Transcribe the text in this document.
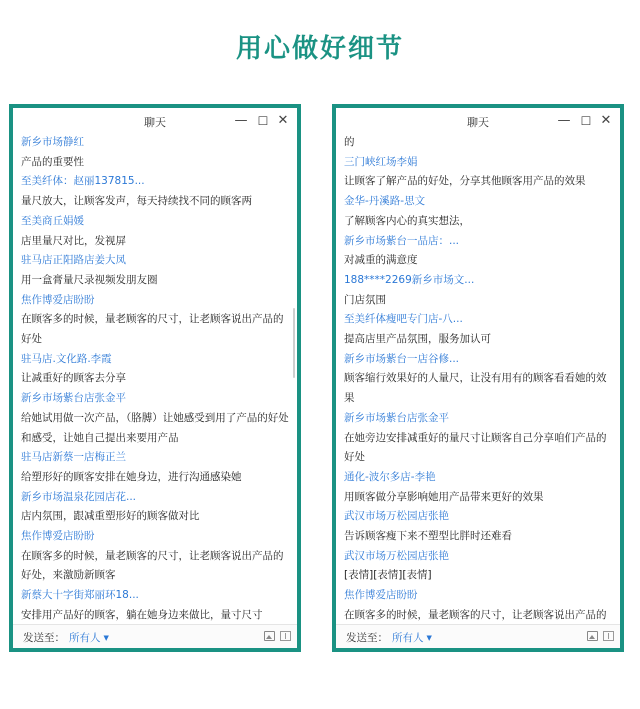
用心做好细节
聊天	— ☐ ✕
新乡市场静红
产品的重要性
至美纤体：赵丽137815...
量尺放大，让顾客发声，每天持续找不同的顾客两
至美商丘娟媛
店里量尺对比，发视屏
驻马店正阳路店姜大凤
用一盒膏量尺录视频发朋友圈
焦作博爱店盼盼
在顾客多的时候，量老顾客的尺寸，让老顾客说出产品的好处
驻马店.文化路.李霞
让减重好的顾客去分享
新乡市场紫台店张金平
给她试用做一次产品，（胳膊）让她感受到用了产品的好处和感受，让她自己提出来要用产品
驻马店新蔡一店梅正兰
给塑形好的顾客安排在她身边，进行沟通感染她
新乡市场温泉花园店花...
店内氛围，跟减重塑形好的顾客做对比
焦作博爱店盼盼
在顾客多的时候，量老顾客的尺寸，让老顾客说出产品的好处，来激励新顾客
新蔡大十字街郑丽环18...
安排用产品好的顾客，躺在她身边来做比，量寸尺寸
发送至： 所有人 ▼
聊天	— ☐ ✕
的
三门峡红场李娟
让顾客了解产品的好处，分享其他顾客用产品的效果
金华-丹溪路-思文
了解顾客内心的真实想法，
新乡市场紫台一品店：...
对减重的满意度
188****2269新乡市场文...
门店氛围
至美纤体瘦吧专门店-八...
提高店里产品氛围，服务加认可
新乡市场紫台一店谷修...
顾客缩行效果好的人量尺，让没有用有的顾客看看她的效果
新乡市场紫台店张金平
在她旁边安排减重好的量尺寸让顾客自己分享咱们产品的好处
通化-波尔多店-李艳
用顾客做分享影响她用产品带来更好的效果
武汉市场万松园店张艳
告诉顾客瘦下来不塑型比胖时还难看
武汉市场万松园店张艳
[表情][表情][表情]
焦作博爱店盼盼
在顾客多的时候，量老顾客的尺寸，让老顾客说出产品的
发送至： 所有人 ▼
